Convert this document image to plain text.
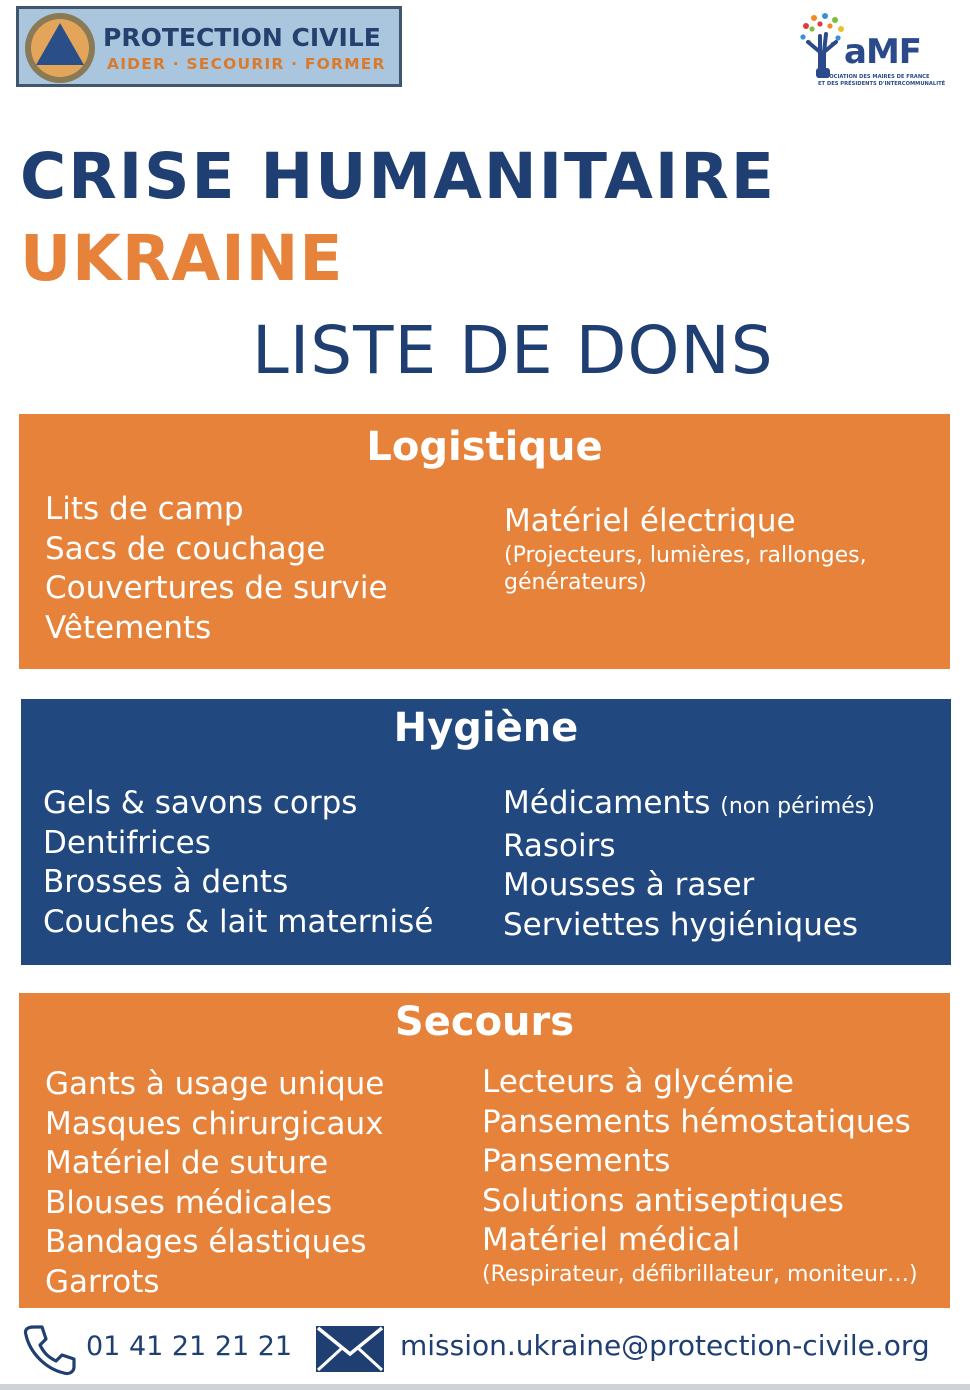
PROTECTION CIVILE
AIDER · SECOURIR · FORMER	aMF
ASSOCIATION DES MAIRES DE FRANCE
ET DES PRÉSIDENTS D'INTERCOMMUNALITÉ
CRISE HUMANITAIRE
UKRAINE
LISTE DE DONS
Logistique
Lits de camp
Sacs de couchage
Couvertures de survie
Vêtements
Matériel électrique
(Projecteurs, lumières, rallonges,
générateurs)
Hygiène
Gels & savons corps
Dentifrices
Brosses à dents
Couches & lait maternisé
Médicaments (non périmés)
Rasoirs
Mousses à raser
Serviettes hygiéniques
Secours
Gants à usage unique
Masques chirurgicaux
Matériel de suture
Blouses médicales
Bandages élastiques
Garrots
Lecteurs à glycémie
Pansements hémostatiques
Pansements
Solutions antiseptiques
Matériel médical
(Respirateur, défibrillateur, moniteur…)
01 41 21 21 21	mission.ukraine@protection-civile.org
